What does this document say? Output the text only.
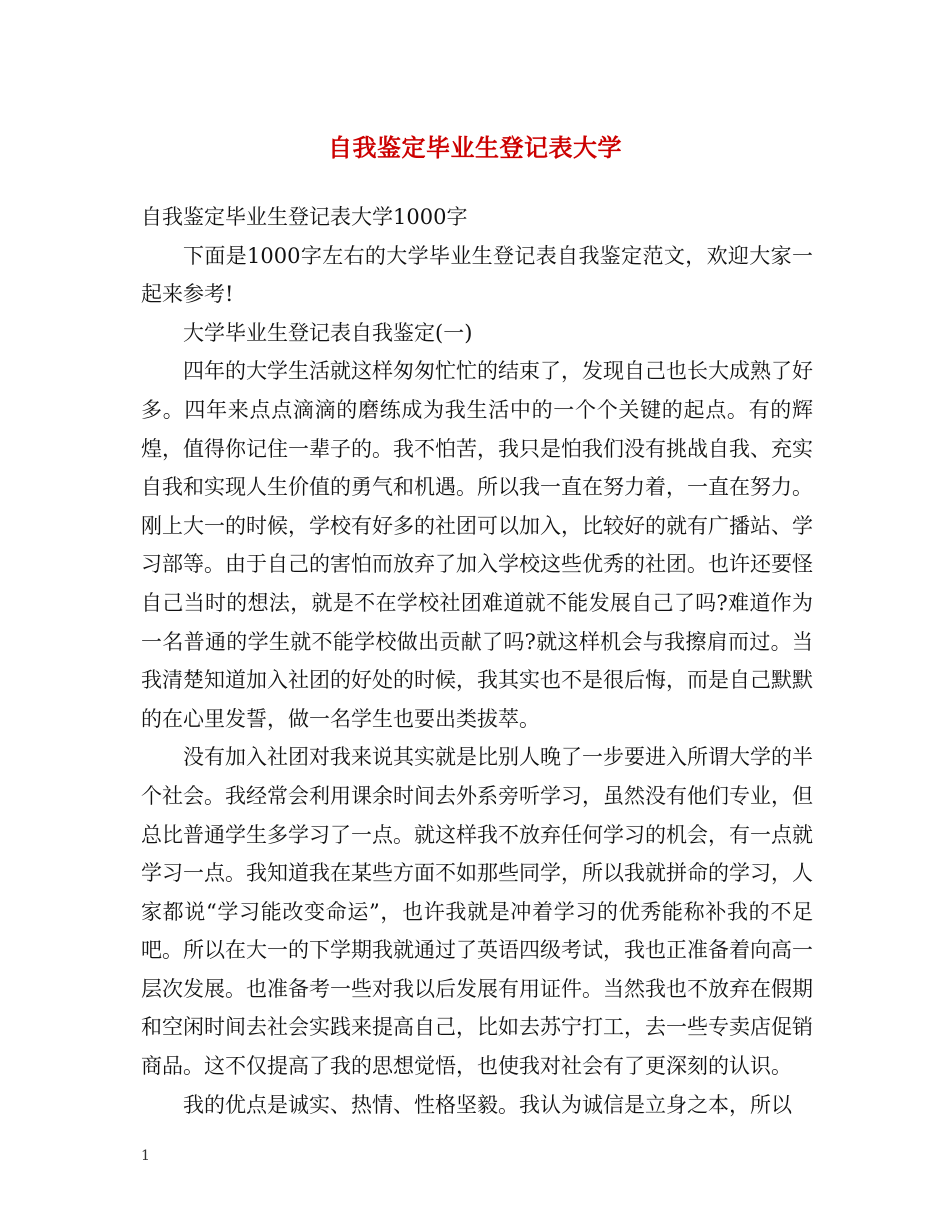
自我鉴定毕业生登记表大学

自我鉴定毕业生登记表大学1000字

下面是1000字左右的大学毕业生登记表自我鉴定范文，欢迎大家一起来参考!

大学毕业生登记表自我鉴定(一)

四年的大学生活就这样匆匆忙忙的结束了，发现自己也长大成熟了好多。四年来点点滴滴的磨练成为我生活中的一个个关键的起点。有的辉煌，值得你记住一辈子的。我不怕苦，我只是怕我们没有挑战自我、充实自我和实现人生价值的勇气和机遇。所以我一直在努力着，一直在努力。刚上大一的时候，学校有好多的社团可以加入，比较好的就有广播站、学习部等。由于自己的害怕而放弃了加入学校这些优秀的社团。也许还要怪自己当时的想法，就是不在学校社团难道就不能发展自己了吗?难道作为一名普通的学生就不能学校做出贡献了吗?就这样机会与我擦肩而过。当我清楚知道加入社团的好处的时候，我其实也不是很后悔，而是自己默默的在心里发誓，做一名学生也要出类拔萃。

没有加入社团对我来说其实就是比别人晚了一步要进入所谓大学的半个社会。我经常会利用课余时间去外系旁听学习，虽然没有他们专业，但总比普通学生多学习了一点。就这样我不放弃任何学习的机会，有一点就学习一点。我知道我在某些方面不如那些同学，所以我就拼命的学习，人家都说“学习能改变命运”，也许我就是冲着学习的优秀能称补我的不足吧。所以在大一的下学期我就通过了英语四级考试，我也正准备着向高一层次发展。也准备考一些对我以后发展有用证件。当然我也不放弃在假期和空闲时间去社会实践来提高自己，比如去苏宁打工，去一些专卖店促销商品。这不仅提高了我的思想觉悟，也使我对社会有了更深刻的认识。

我的优点是诚实、热情、性格坚毅。我认为诚信是立身之本，所以

1
